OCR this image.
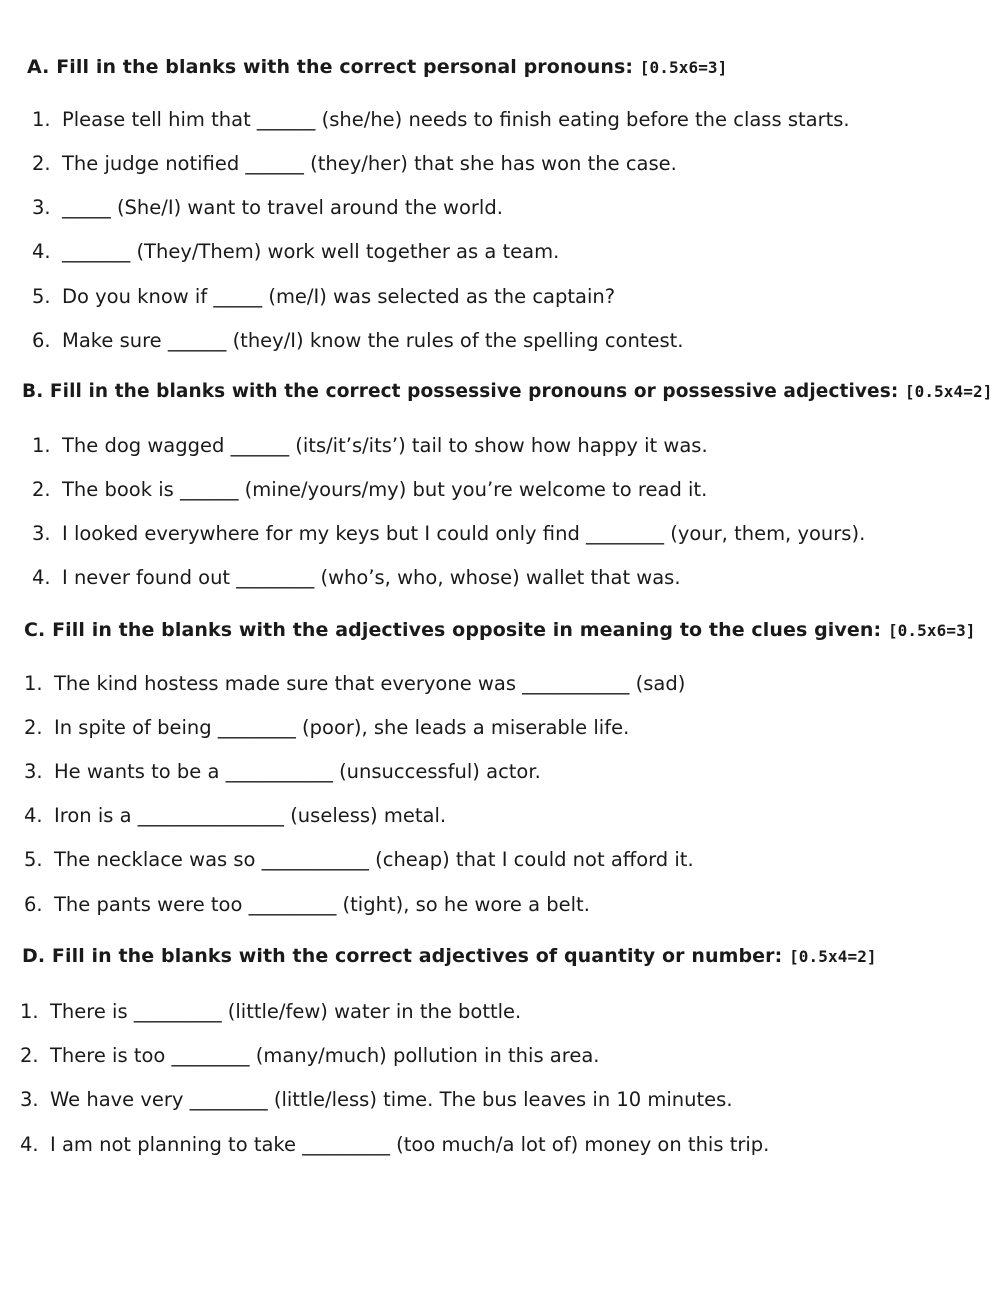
A. Fill in the blanks with the correct personal pronouns: [0.5x6=3]
1. Please tell him that ______ (she/he) needs to finish eating before the class starts.
2. The judge notified ______ (they/her) that she has won the case.
3. _____ (She/I) want to travel around the world.
4. _______ (They/Them) work well together as a team.
5. Do you know if _____ (me/I) was selected as the captain?
6. Make sure ______ (they/I) know the rules of the spelling contest.
B. Fill in the blanks with the correct possessive pronouns or possessive adjectives: [0.5x4=2]
1. The dog wagged ______ (its/it’s/its’) tail to show how happy it was.
2. The book is ______ (mine/yours/my) but you’re welcome to read it.
3. I looked everywhere for my keys but I could only find ________ (your, them, yours).
4. I never found out ________ (who’s, who, whose) wallet that was.
C. Fill in the blanks with the adjectives opposite in meaning to the clues given: [0.5x6=3]
1. The kind hostess made sure that everyone was ___________ (sad)
2. In spite of being ________ (poor), she leads a miserable life.
3. He wants to be a ___________ (unsuccessful) actor.
4. Iron is a _______________ (useless) metal.
5. The necklace was so ___________ (cheap) that I could not afford it.
6. The pants were too _________ (tight), so he wore a belt.
D. Fill in the blanks with the correct adjectives of quantity or number: [0.5x4=2]
1. There is _________ (little/few) water in the bottle.
2. There is too ________ (many/much) pollution in this area.
3. We have very ________ (little/less) time. The bus leaves in 10 minutes.
4. I am not planning to take _________ (too much/a lot of) money on this trip.
